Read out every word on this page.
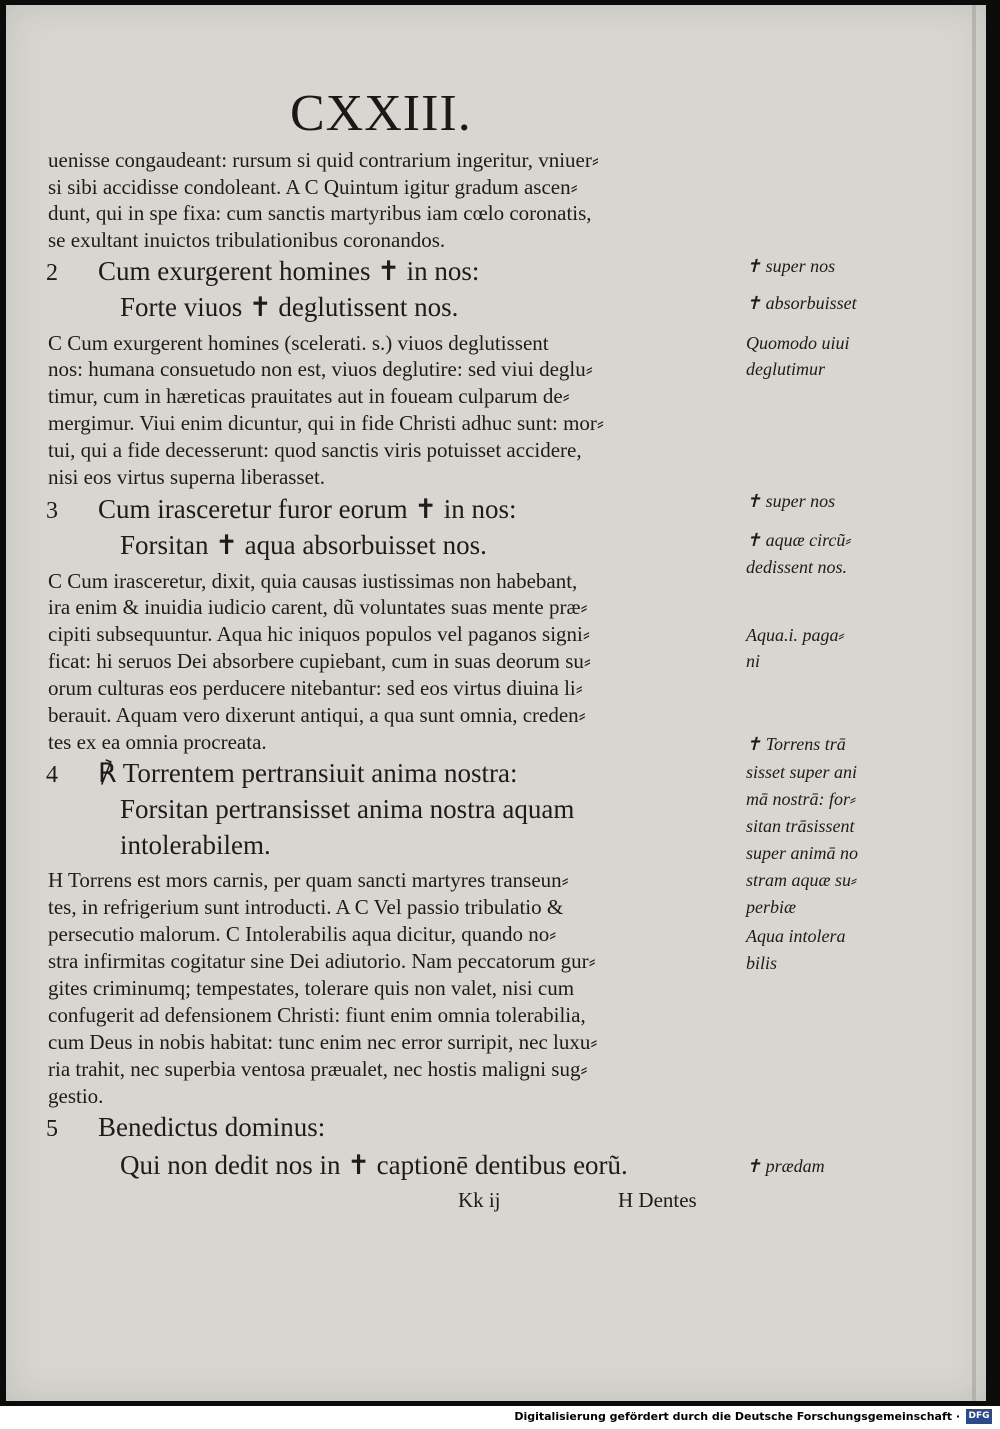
CXXIII.
uenisse congaudeant: rursum si quid contrarium ingeritur, vniuer⸗
si sibi accidisse condoleant. A C Quintum igitur gradum ascen⸗
dunt, qui in spe fixa: cum sanctis martyribus iam cœlo coronatis,
se exultant inuictos tribulationibus coronandos.
Cum exurgerent homines ✝ in nos:
Forte viuos ✝ deglutissent nos.
C Cum exurgerent homines (scelerati. s.) viuos deglutissent
nos: humana consuetudo non est, viuos deglutire: sed viui deglu⸗
timur, cum in hæreticas prauitates aut in foueam culparum de⸗
mergimur. Viui enim dicuntur, qui in fide Christi adhuc sunt: mor⸗
tui, qui a fide decesserunt: quod sanctis viris potuisset accidere,
nisi eos virtus superna liberasset.
Cum irasceretur furor eorum ✝ in nos:
Forsitan ✝ aqua absorbuisset nos.
C Cum irasceretur, dixit, quia causas iustissimas non habebant,
ira enim & inuidia iudicio carent, dũ voluntates suas mente præ⸗
cipiti subsequuntur. Aqua hic iniquos populos vel paganos signi⸗
ficat: hi seruos Dei absorbere cupiebant, cum in suas deorum su⸗
orum culturas eos perducere nitebantur: sed eos virtus diuina li⸗
berauit. Aquam vero dixerunt antiqui, a qua sunt omnia, creden⸗
tes ex ea omnia procreata.
℟ Torrentem pertransiuit anima nostra:
Forsitan pertransisset anima nostra aquam
intolerabilem.
H Torrens est mors carnis, per quam sancti martyres transeun⸗
tes, in refrigerium sunt introducti. A C Vel passio tribulatio &
persecutio malorum. C Intolerabilis aqua dicitur, quando no⸗
stra infirmitas cogitatur sine Dei adiutorio. Nam peccatorum gur⸗
gites criminumq; tempestates, tolerare quis non valet, nisi cum
confugerit ad defensionem Christi: fiunt enim omnia tolerabilia,
cum Deus in nobis habitat: tunc enim nec error surripit, nec luxu⸗
ria trahit, nec superbia ventosa præualet, nec hostis maligni sug⸗
gestio.
Benedictus dominus:
Qui non dedit nos in ✝ captionē dentibus eorũ.
Kk ĳ	H Dentes
2
3
4
5
✝ super nos
✝ absorbuisset
Quomodo uiui
deglutimur
✝ super nos
✝ aquæ circũ⸗
dedissent nos.
Aqua.i. paga⸗
ni
✝ Torrens trā
sisset super ani
mā nostrā: for⸗
sitan trāsissent
super animā no
stram aquæ su⸗
perbiæ
Aqua intolera
bilis
✝ prædam
Digitalisierung gefördert durch die Deutsche Forschungsgemeinschaft · DFG
